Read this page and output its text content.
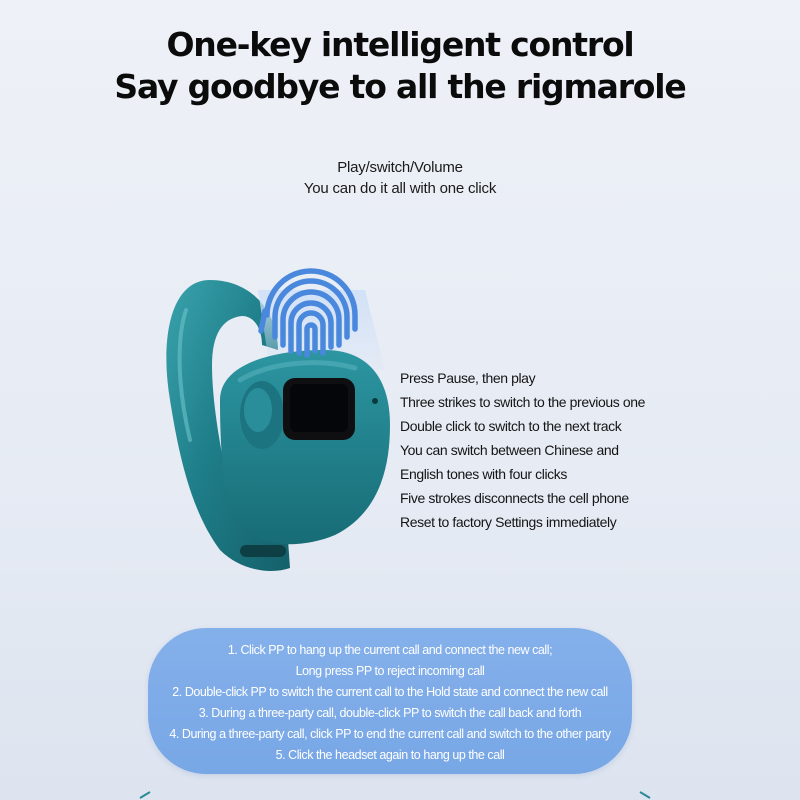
One-key intelligent control
Say goodbye to all the rigmarole
Play/switch/Volume
You can do it all with one click
Press Pause, then play
Three strikes to switch to the previous one
Double click to switch to the next track
You can switch between Chinese and
English tones with four clicks
Five strokes disconnects the cell phone
Reset to factory Settings immediately
1. Click PP to hang up the current call and connect the new call;
Long press PP to reject incoming call
2. Double-click PP to switch the current call to the Hold state and connect the new call
3. During a three-party call, double-click PP to switch the call back and forth
4. During a three-party call, click PP to end the current call and switch to the other party
5. Click the headset again to hang up the call
